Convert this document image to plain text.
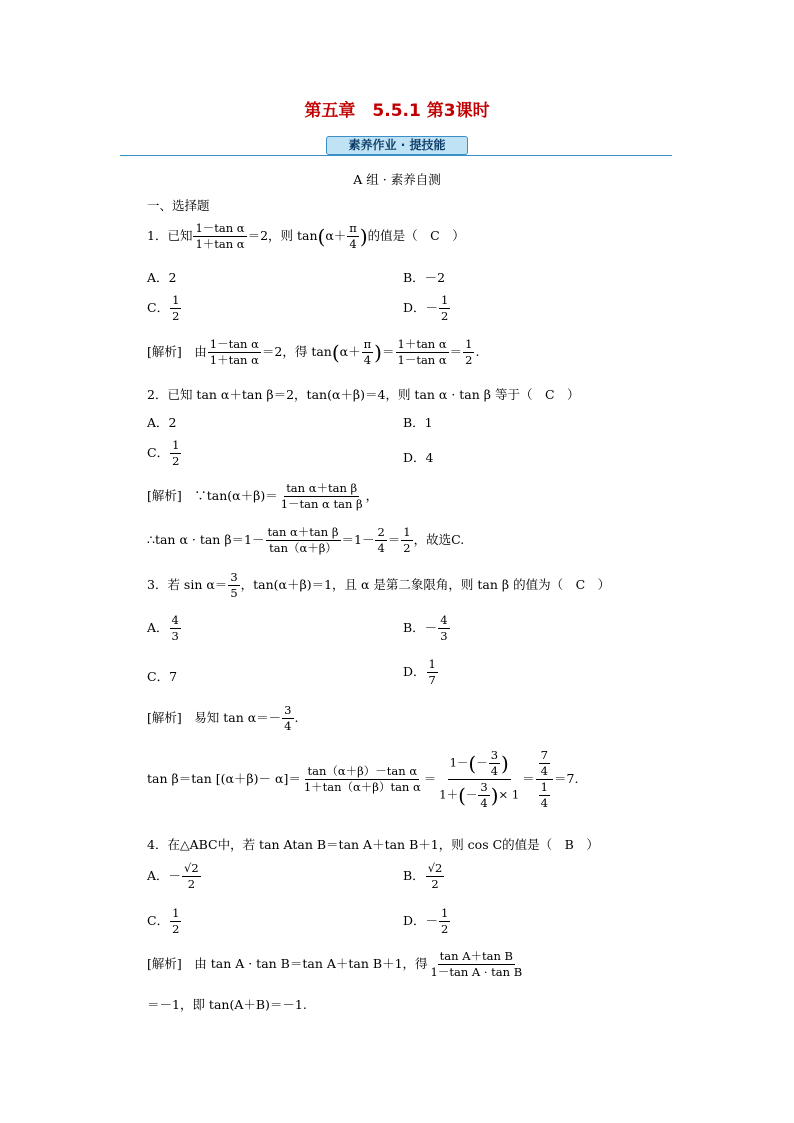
第五章　5.5.1 第3课时
素养作业 · 提技能
A 组 · 素养自测
一、选择题
1．已知 $\frac{\text{1－tan α}}{\text{1＋tan α}} =2$，则 $\tan(\alpha+ \frac{\pi}{4}$ )的值是（　C　）
A．2	B．－2
C． $\frac{1}{2}$	D．－ $\frac{1}{2}$
[解析]　由 $\frac{\text{1－tan α}}{\text{1＋tan α}} =2$，得 $\tan(\alpha+ \frac{\pi}{4}$ )＝ $\frac{\text{1＋tan α}}{\text{1－tan α}} = \frac{1}{2}$ .
2．已知 tan α＋tan β＝2，tan(α＋β)＝4，则 tan α · tan β 等于（　C　）
A．2	B．1
C． $\frac{1}{2}$	D．4
[解析]　∵tan(α＋β)＝ $\frac{\text{tan α＋tan β}}{\text{1－tan α tan β}}$ ，
∴tan $\alpha \cdot \tan \beta=1- \frac{\text{tan α＋tan β}}{\tan(\alpha+\beta)} =1- \frac{2}{4} = \frac{1}{2}$ ，故选C.
3．若 $\sin \alpha= \frac{3}{5}$ ，tan(α＋β)＝1，且 α 是第二象限角，则 tan β 的值为（　C　）
A． $\frac{4}{3}$	B．－ $\frac{4}{3}$
C．7	D． $\frac{1}{7}$
[解析]　易知 $\tan \alpha=- \frac{3}{4}$ .
tan β＝tan $[(\alpha+\beta)- \alpha]= \frac{\text{tan（α＋β）－tan α}}{\text{1＋tan（α＋β）tan α}} = \frac{1-(- \frac{3}{4} )}{1+(- \frac{3}{4} )\times 1} = \frac{\frac{7}{4}}{\frac{1}{4}} =7$.
4．在△ABC中，若 tan Atan B＝tan A＋tan B＋1，则 cos C的值是（　B　）
A．－ $\frac{√2}{2}$	B． $\frac{√2}{2}$
C． $\frac{1}{2}$	D．－ $\frac{1}{2}$
[解析]　由 tan A · tan B＝tan A＋tan B＋1，得 $\frac{\text{tan A＋tan B}}{\text{1－tan A · tan B}}$
＝－1，即 tan(A＋B)＝－1.
